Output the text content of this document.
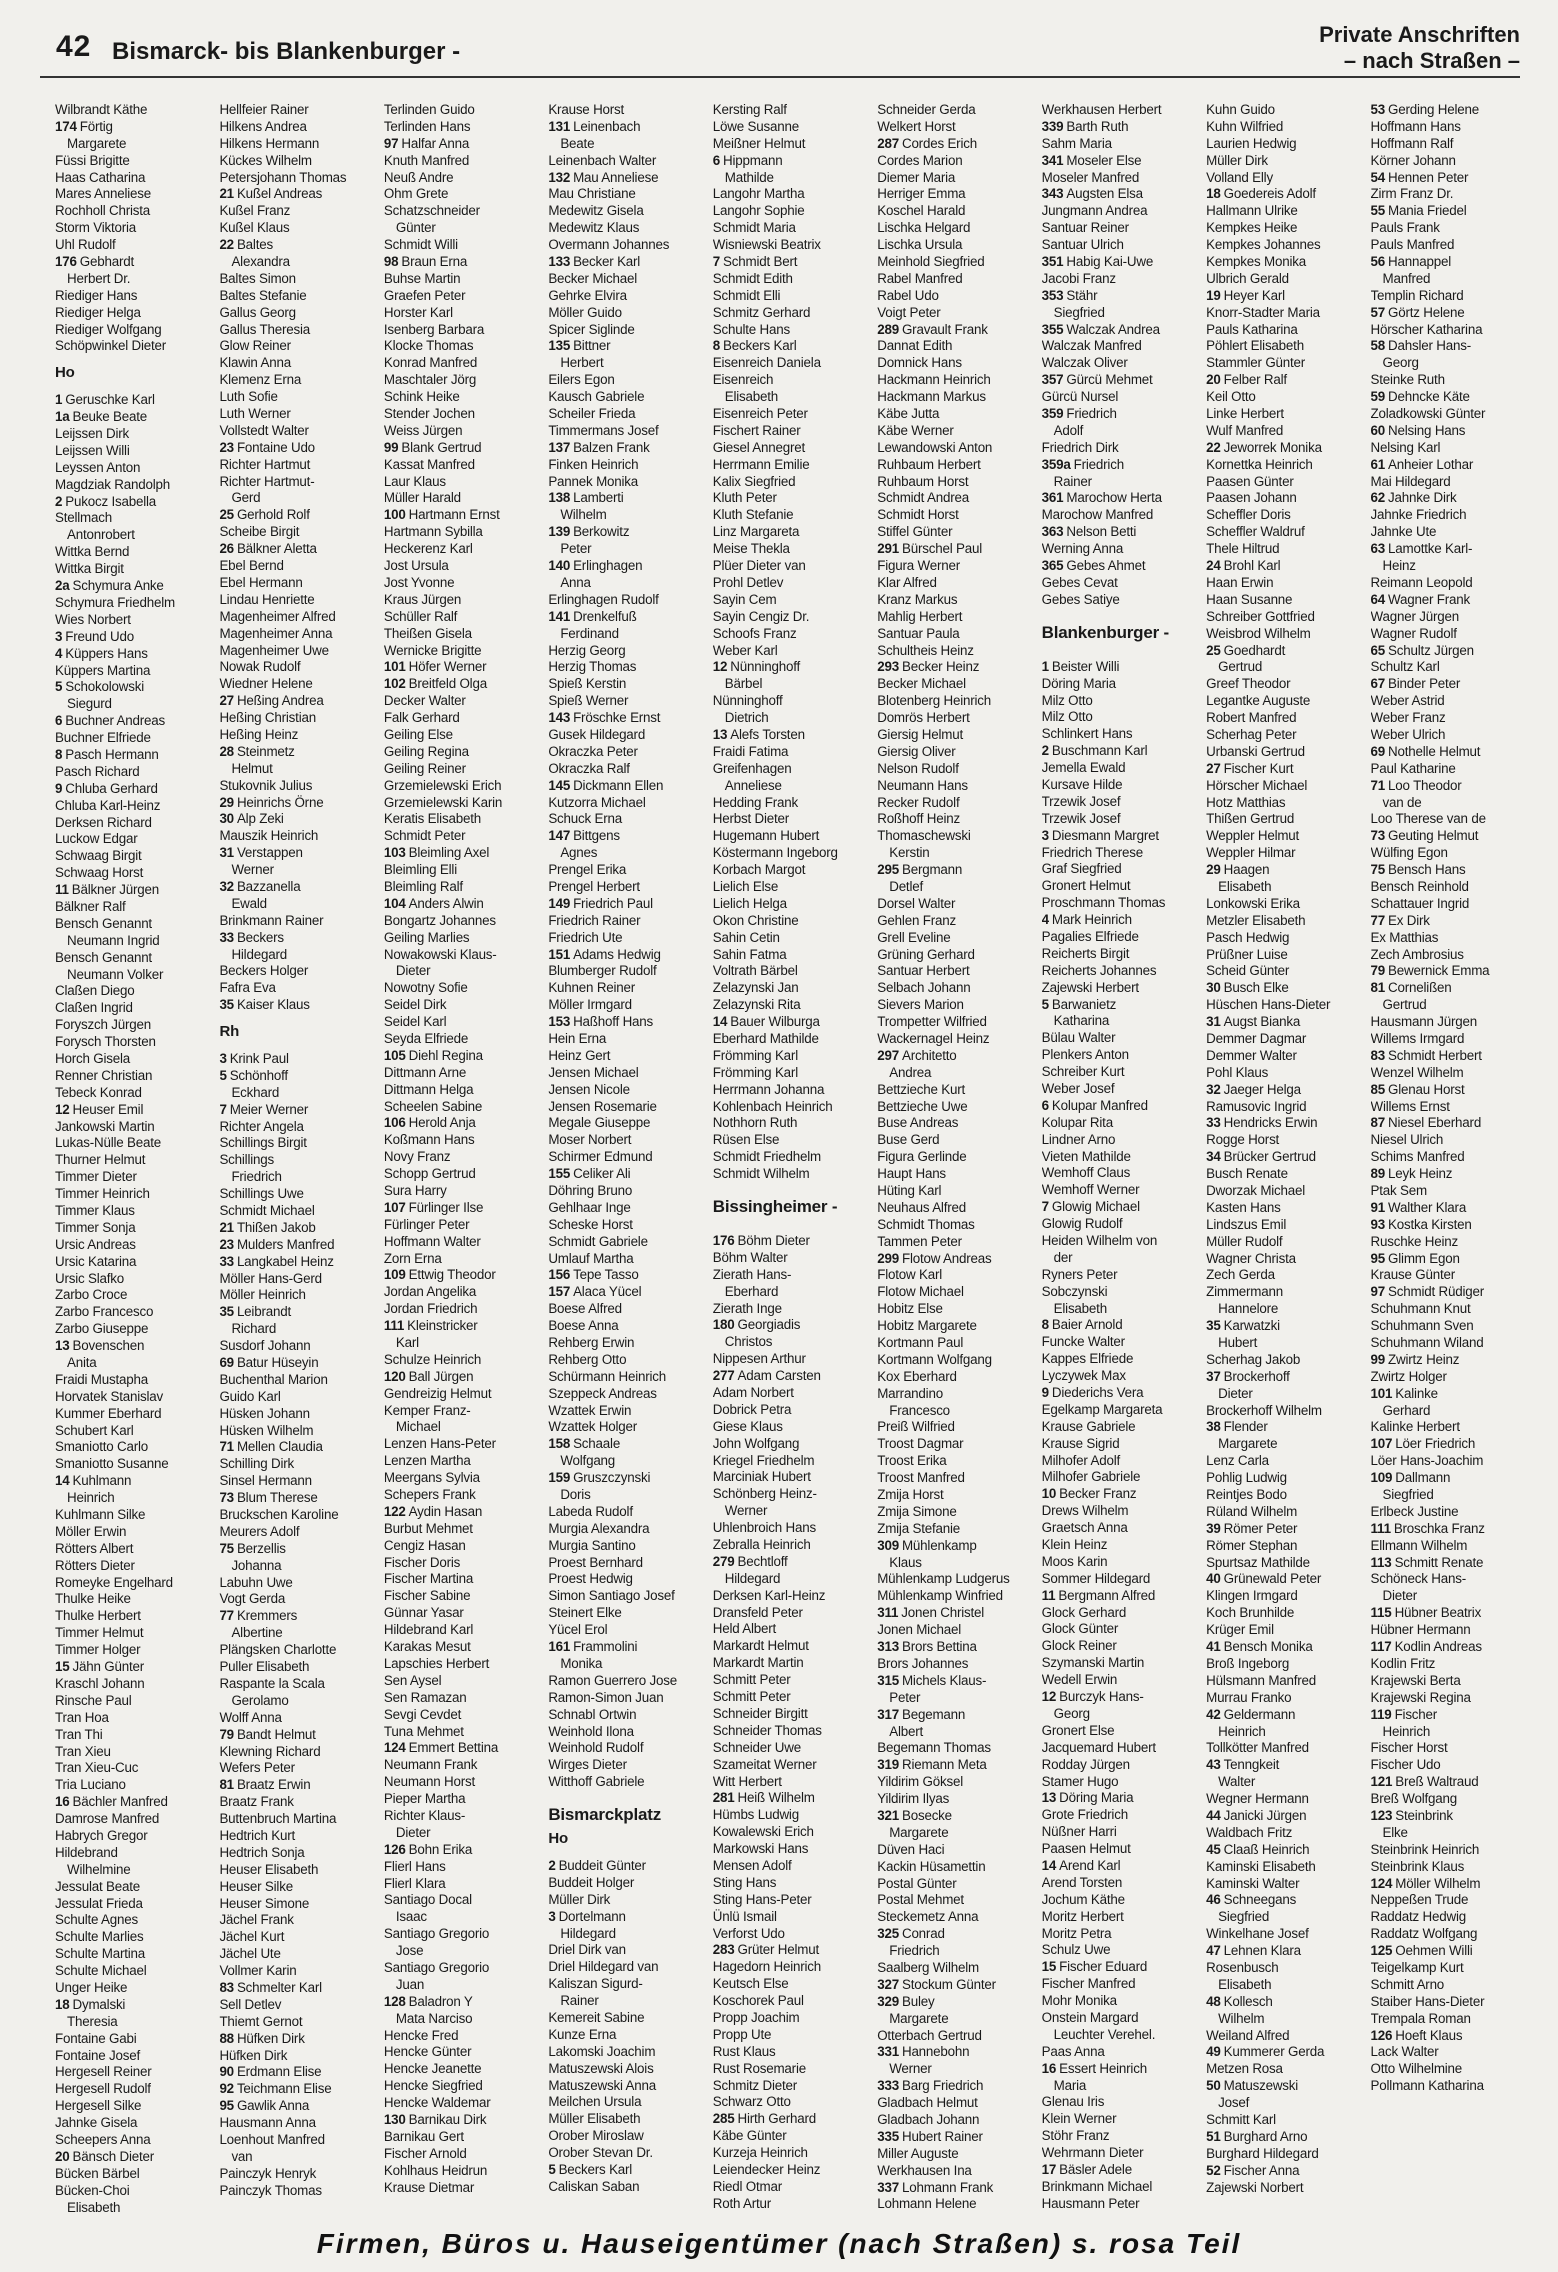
42 Bismarck- bis Blankenburger -
Private Anschriften
– nach Straßen –
Wilbrandt Käthe
174 Förtig
Margarete
Füssi Brigitte
Haas Catharina
Mares Anneliese
Rochholl Christa
Storm Viktoria
Uhl Rudolf
176 Gebhardt
Herbert Dr.
Riediger Hans
Riediger Helga
Riediger Wolfgang
Schöpwinkel Dieter
Ho
1 Geruschke Karl
1a Beuke Beate
Leijssen Dirk
Leijssen Willi
Leyssen Anton
Magdziak Randolph
2 Pukocz Isabella
Stellmach
Antonrobert
Wittka Bernd
Wittka Birgit
2a Schymura Anke
Schymura Friedhelm
Wies Norbert
3 Freund Udo
4 Küppers Hans
Küppers Martina
5 Schokolowski
Siegurd
6 Buchner Andreas
Buchner Elfriede
8 Pasch Hermann
Pasch Richard
9 Chluba Gerhard
Chluba Karl-Heinz
Derksen Richard
Luckow Edgar
Schwaag Birgit
Schwaag Horst
11 Bälkner Jürgen
Bälkner Ralf
Bensch Genannt
Neumann Ingrid
Bensch Genannt
Neumann Volker
Claßen Diego
Claßen Ingrid
Foryszch Jürgen
Forysch Thorsten
Horch Gisela
Renner Christian
Tebeck Konrad
12 Heuser Emil
Jankowski Martin
Lukas-Nülle Beate
Thurner Helmut
Timmer Dieter
Timmer Heinrich
Timmer Klaus
Timmer Sonja
Ursic Andreas
Ursic Katarina
Ursic Slafko
Zarbo Croce
Zarbo Francesco
Zarbo Giuseppe
13 Bovenschen
Anita
Fraidi Mustapha
Horvatek Stanislav
Kummer Eberhard
Schubert Karl
Smaniotto Carlo
Smaniotto Susanne
14 Kuhlmann
Heinrich
Kuhlmann Silke
Möller Erwin
Rötters Albert
Rötters Dieter
Romeyke Engelhard
Thulke Heike
Thulke Herbert
Timmer Helmut
Timmer Holger
15 Jähn Günter
Kraschl Johann
Rinsche Paul
Tran Hoa
Tran Thi
Tran Xieu
Tran Xieu-Cuc
Tria Luciano
16 Bächler Manfred
Damrose Manfred
Habrych Gregor
Hildebrand
Wilhelmine
Jessulat Beate
Jessulat Frieda
Schulte Agnes
Schulte Marlies
Schulte Martina
Schulte Michael
Unger Heike
18 Dymalski
Theresia
Fontaine Gabi
Fontaine Josef
Hergesell Reiner
Hergesell Rudolf
Hergesell Silke
Jahnke Gisela
Scheepers Anna
20 Bänsch Dieter
Bücken Bärbel
Bücken-Choi
Elisabeth
Hellfeier Rainer
Hilkens Andrea
Hilkens Hermann
Kückes Wilhelm
Petersjohann Thomas
21 Kußel Andreas
Kußel Franz
Kußel Klaus
22 Baltes
Alexandra
Baltes Simon
Baltes Stefanie
Gallus Georg
Gallus Theresia
Glow Reiner
Klawin Anna
Klemenz Erna
Luth Sofie
Luth Werner
Vollstedt Walter
23 Fontaine Udo
Richter Hartmut
Richter Hartmut-
Gerd
25 Gerhold Rolf
Scheibe Birgit
26 Bälkner Aletta
Ebel Bernd
Ebel Hermann
Lindau Henriette
Magenheimer Alfred
Magenheimer Anna
Magenheimer Uwe
Nowak Rudolf
Wiedner Helene
27 Heßing Andrea
Heßing Christian
Heßing Heinz
28 Steinmetz
Helmut
Stukovnik Julius
29 Heinrichs Örne
30 Alp Zeki
Mauszik Heinrich
31 Verstappen
Werner
32 Bazzanella
Ewald
Brinkmann Rainer
33 Beckers
Hildegard
Beckers Holger
Fafra Eva
35 Kaiser Klaus
Rh
3 Krink Paul
5 Schönhoff
Eckhard
7 Meier Werner
Richter Angela
Schillings Birgit
Schillings
Friedrich
Schillings Uwe
Schmidt Michael
21 Thißen Jakob
23 Mulders Manfred
33 Langkabel Heinz
Möller Hans-Gerd
Möller Heinrich
35 Leibrandt
Richard
Susdorf Johann
69 Batur Hüseyin
Buchenthal Marion
Guido Karl
Hüsken Johann
Hüsken Wilhelm
71 Mellen Claudia
Schilling Dirk
Sinsel Hermann
73 Blum Therese
Bruckschen Karoline
Meurers Adolf
75 Berzellis
Johanna
Labuhn Uwe
Vogt Gerda
77 Kremmers
Albertine
Plängsken Charlotte
Puller Elisabeth
Raspante la Scala
Gerolamo
Wolff Anna
79 Bandt Helmut
Klewning Richard
Wefers Peter
81 Braatz Erwin
Braatz Frank
Buttenbruch Martina
Hedtrich Kurt
Hedtrich Sonja
Heuser Elisabeth
Heuser Silke
Heuser Simone
Jächel Frank
Jächel Kurt
Jächel Ute
Vollmer Karin
83 Schmelter Karl
Sell Detlev
Thiemt Gernot
88 Hüfken Dirk
Hüfken Dirk
90 Erdmann Elise
92 Teichmann Elise
95 Gawlik Anna
Hausmann Anna
Loenhout Manfred
van
Painczyk Henryk
Painczyk Thomas
Terlinden Guido
Terlinden Hans
97 Halfar Anna
Knuth Manfred
Neuß Andre
Ohm Grete
Schatzschneider
Günter
Schmidt Willi
98 Braun Erna
Buhse Martin
Graefen Peter
Horster Karl
Isenberg Barbara
Klocke Thomas
Konrad Manfred
Maschtaler Jörg
Schink Heike
Stender Jochen
Weiss Jürgen
99 Blank Gertrud
Kassat Manfred
Laur Klaus
Müller Harald
100 Hartmann Ernst
Hartmann Sybilla
Heckerenz Karl
Jost Ursula
Jost Yvonne
Kraus Jürgen
Schüller Ralf
Theißen Gisela
Wernicke Brigitte
101 Höfer Werner
102 Breitfeld Olga
Decker Walter
Falk Gerhard
Geiling Else
Geiling Regina
Geiling Reiner
Grzemielewski Erich
Grzemielewski Karin
Keratis Elisabeth
Schmidt Peter
103 Bleimling Axel
Bleimling Elli
Bleimling Ralf
104 Anders Alwin
Bongartz Johannes
Geiling Marlies
Nowakowski Klaus-
Dieter
Nowotny Sofie
Seidel Dirk
Seidel Karl
Seyda Elfriede
105 Diehl Regina
Dittmann Arne
Dittmann Helga
Scheelen Sabine
106 Herold Anja
Koßmann Hans
Novy Franz
Schopp Gertrud
Sura Harry
107 Fürlinger Ilse
Fürlinger Peter
Hoffmann Walter
Zorn Erna
109 Ettwig Theodor
Jordan Angelika
Jordan Friedrich
111 Kleinstricker
Karl
Schulze Heinrich
120 Ball Jürgen
Gendreizig Helmut
Kemper Franz-
Michael
Lenzen Hans-Peter
Lenzen Martha
Meergans Sylvia
Schepers Frank
122 Aydin Hasan
Burbut Mehmet
Cengiz Hasan
Fischer Doris
Fischer Martina
Fischer Sabine
Günnar Yasar
Hildebrand Karl
Karakas Mesut
Lapschies Herbert
Sen Aysel
Sen Ramazan
Sevgi Cevdet
Tuna Mehmet
124 Emmert Bettina
Neumann Frank
Neumann Horst
Pieper Martha
Richter Klaus-
Dieter
126 Bohn Erika
Flierl Hans
Flierl Klara
Santiago Docal
Isaac
Santiago Gregorio
Jose
Santiago Gregorio
Juan
128 Baladron Y
Mata Narciso
Hencke Fred
Hencke Günter
Hencke Jeanette
Hencke Siegfried
Hencke Waldemar
130 Barnikau Dirk
Barnikau Gert
Fischer Arnold
Kohlhaus Heidrun
Krause Dietmar
Krause Horst
131 Leinenbach
Beate
Leinenbach Walter
132 Mau Anneliese
Mau Christiane
Medewitz Gisela
Medewitz Klaus
Overmann Johannes
133 Becker Karl
Becker Michael
Gehrke Elvira
Möller Guido
Spicer Siglinde
135 Bittner
Herbert
Eilers Egon
Kausch Gabriele
Scheiler Frieda
Timmermans Josef
137 Balzen Frank
Finken Heinrich
Pannek Monika
138 Lamberti
Wilhelm
139 Berkowitz
Peter
140 Erlinghagen
Anna
Erlinghagen Rudolf
141 Drenkelfuß
Ferdinand
Herzig Georg
Herzig Thomas
Spieß Kerstin
Spieß Werner
143 Fröschke Ernst
Gusek Hildegard
Okraczka Peter
Okraczka Ralf
145 Dickmann Ellen
Kutzorra Michael
Schuck Erna
147 Bittgens
Agnes
Prengel Erika
Prengel Herbert
149 Friedrich Paul
Friedrich Rainer
Friedrich Ute
151 Adams Hedwig
Blumberger Rudolf
Kuhnen Reiner
Möller Irmgard
153 Haßhoff Hans
Hein Erna
Heinz Gert
Jensen Michael
Jensen Nicole
Jensen Rosemarie
Megale Giuseppe
Moser Norbert
Schirmer Edmund
155 Celiker Ali
Döhring Bruno
Gehlhaar Inge
Scheske Horst
Schmidt Gabriele
Umlauf Martha
156 Tepe Tasso
157 Alaca Yücel
Boese Alfred
Boese Anna
Rehberg Erwin
Rehberg Otto
Schürmann Heinrich
Szeppeck Andreas
Wzattek Erwin
Wzattek Holger
158 Schaale
Wolfgang
159 Gruszczynski
Doris
Labeda Rudolf
Murgia Alexandra
Murgia Santino
Proest Bernhard
Proest Hedwig
Simon Santiago Josef
Steinert Elke
Yücel Erol
161 Frammolini
Monika
Ramon Guerrero Jose
Ramon-Simon Juan
Schnabl Ortwin
Weinhold Ilona
Weinhold Rudolf
Wirges Dieter
Witthoff Gabriele
Bismarckplatz
Ho
2 Buddeit Günter
Buddeit Holger
Müller Dirk
3 Dortelmann
Hildegard
Driel Dirk van
Driel Hildegard van
Kaliszan Sigurd-
Rainer
Kemereit Sabine
Kunze Erna
Lakomski Joachim
Matuszewski Alois
Matuszewski Anna
Meilchen Ursula
Müller Elisabeth
Orober Miroslaw
Orober Stevan Dr.
5 Beckers Karl
Caliskan Saban
Kersting Ralf
Löwe Susanne
Meißner Helmut
6 Hippmann
Mathilde
Langohr Martha
Langohr Sophie
Schmidt Maria
Wisniewski Beatrix
7 Schmidt Bert
Schmidt Edith
Schmidt Elli
Schmitz Gerhard
Schulte Hans
8 Beckers Karl
Eisenreich Daniela
Eisenreich
Elisabeth
Eisenreich Peter
Fischert Rainer
Giesel Annegret
Herrmann Emilie
Kalix Siegfried
Kluth Peter
Kluth Stefanie
Linz Margareta
Meise Thekla
Plüer Dieter van
Prohl Detlev
Sayin Cem
Sayin Cengiz Dr.
Schoofs Franz
Weber Karl
12 Nünninghoff
Bärbel
Nünninghoff
Dietrich
13 Alefs Torsten
Fraidi Fatima
Greifenhagen
Anneliese
Hedding Frank
Herbst Dieter
Hugemann Hubert
Köstermann Ingeborg
Korbach Margot
Lielich Else
Lielich Helga
Okon Christine
Sahin Cetin
Sahin Fatma
Voltrath Bärbel
Zelazynski Jan
Zelazynski Rita
14 Bauer Wilburga
Eberhard Mathilde
Frömming Karl
Frömming Karl
Herrmann Johanna
Kohlenbach Heinrich
Nothhorn Ruth
Rüsen Else
Schmidt Friedhelm
Schmidt Wilhelm
Bissingheimer -
176 Böhm Dieter
Böhm Walter
Zierath Hans-
Eberhard
Zierath Inge
180 Georgiadis
Christos
Nippesen Arthur
277 Adam Carsten
Adam Norbert
Dobrick Petra
Giese Klaus
John Wolfgang
Kriegel Friedhelm
Marciniak Hubert
Schönberg Heinz-
Werner
Uhlenbroich Hans
Zebralla Heinrich
279 Bechtloff
Hildegard
Derksen Karl-Heinz
Dransfeld Peter
Held Albert
Markardt Helmut
Markardt Martin
Schmitt Peter
Schmitt Peter
Schneider Birgitt
Schneider Thomas
Schneider Uwe
Szameitat Werner
Witt Herbert
281 Heiß Wilhelm
Hümbs Ludwig
Kowalewski Erich
Markowski Hans
Mensen Adolf
Sting Hans
Sting Hans-Peter
Ünlü Ismail
Verforst Udo
283 Grüter Helmut
Hagedorn Heinrich
Keutsch Else
Koschorek Paul
Propp Joachim
Propp Ute
Rust Klaus
Rust Rosemarie
Schmitz Dieter
Schwarz Otto
285 Hirth Gerhard
Käbe Günter
Kurzeja Heinrich
Leiendecker Heinz
Riedl Otmar
Roth Artur
Schneider Gerda
Welkert Horst
287 Cordes Erich
Cordes Marion
Diemer Maria
Herriger Emma
Koschel Harald
Lischka Helgard
Lischka Ursula
Meinhold Siegfried
Rabel Manfred
Rabel Udo
Voigt Peter
289 Gravault Frank
Dannat Edith
Domnick Hans
Hackmann Heinrich
Hackmann Markus
Käbe Jutta
Käbe Werner
Lewandowski Anton
Ruhbaum Herbert
Ruhbaum Horst
Schmidt Andrea
Schmidt Horst
Stiffel Günter
291 Bürschel Paul
Figura Werner
Klar Alfred
Kranz Markus
Mahlig Herbert
Santuar Paula
Schultheis Heinz
293 Becker Heinz
Becker Michael
Blotenberg Heinrich
Domrös Herbert
Giersig Helmut
Giersig Oliver
Nelson Rudolf
Neumann Hans
Recker Rudolf
Roßhoff Heinz
Thomaschewski
Kerstin
295 Bergmann
Detlef
Dorsel Walter
Gehlen Franz
Grell Eveline
Grüning Gerhard
Santuar Herbert
Selbach Johann
Sievers Marion
Trompetter Wilfried
Wackernagel Heinz
297 Architetto
Andrea
Bettzieche Kurt
Bettzieche Uwe
Buse Andreas
Buse Gerd
Figura Gerlinde
Haupt Hans
Hüting Karl
Neuhaus Alfred
Schmidt Thomas
Tammen Peter
299 Flotow Andreas
Flotow Karl
Flotow Michael
Hobitz Else
Hobitz Margarete
Kortmann Paul
Kortmann Wolfgang
Kox Eberhard
Marrandino
Francesco
Preiß Wilfried
Troost Dagmar
Troost Erika
Troost Manfred
Zmija Horst
Zmija Simone
Zmija Stefanie
309 Mühlenkamp
Klaus
Mühlenkamp Ludgerus
Mühlenkamp Winfried
311 Jonen Christel
Jonen Michael
313 Brors Bettina
Brors Johannes
315 Michels Klaus-
Peter
317 Begemann
Albert
Begemann Thomas
319 Riemann Meta
Yildirim Göksel
Yildirim Ilyas
321 Bosecke
Margarete
Düven Haci
Kackin Hüsamettin
Postal Günter
Postal Mehmet
Steckemetz Anna
325 Conrad
Friedrich
Saalberg Wilhelm
327 Stockum Günter
329 Buley
Margarete
Otterbach Gertrud
331 Hannebohn
Werner
333 Barg Friedrich
Gladbach Helmut
Gladbach Johann
335 Hubert Rainer
Miller Auguste
Werkhausen Ina
337 Lohmann Frank
Lohmann Helene
Werkhausen Herbert
339 Barth Ruth
Sahm Maria
341 Moseler Else
Moseler Manfred
343 Augsten Elsa
Jungmann Andrea
Santuar Reiner
Santuar Ulrich
351 Habig Kai-Uwe
Jacobi Franz
353 Stähr
Siegfried
355 Walczak Andrea
Walczak Manfred
Walczak Oliver
357 Gürcü Mehmet
Gürcü Nursel
359 Friedrich
Adolf
Friedrich Dirk
359a Friedrich
Rainer
361 Marochow Herta
Marochow Manfred
363 Nelson Betti
Werning Anna
365 Gebes Ahmet
Gebes Cevat
Gebes Satiye
Blankenburger -
1 Beister Willi
Döring Maria
Milz Otto
Milz Otto
Schlinkert Hans
2 Buschmann Karl
Jemella Ewald
Kursave Hilde
Trzewik Josef
Trzewik Josef
3 Diesmann Margret
Friedrich Therese
Graf Siegfried
Gronert Helmut
Proschmann Thomas
4 Mark Heinrich
Pagalies Elfriede
Reicherts Birgit
Reicherts Johannes
Zajewski Herbert
5 Barwanietz
Katharina
Bülau Walter
Plenkers Anton
Schreiber Kurt
Weber Josef
6 Kolupar Manfred
Kolupar Rita
Lindner Arno
Vieten Mathilde
Wemhoff Claus
Wemhoff Werner
7 Glowig Michael
Glowig Rudolf
Heiden Wilhelm von
der
Ryners Peter
Sobczynski
Elisabeth
8 Baier Arnold
Funcke Walter
Kappes Elfriede
Lyczywek Max
9 Diederichs Vera
Egelkamp Margareta
Krause Gabriele
Krause Sigrid
Milhofer Adolf
Milhofer Gabriele
10 Becker Franz
Drews Wilhelm
Graetsch Anna
Klein Heinz
Moos Karin
Sommer Hildegard
11 Bergmann Alfred
Glock Gerhard
Glock Günter
Glock Reiner
Szymanski Martin
Wedell Erwin
12 Burczyk Hans-
Georg
Gronert Else
Jacquemard Hubert
Rodday Jürgen
Stamer Hugo
13 Döring Maria
Grote Friedrich
Nüßner Harri
Paasen Helmut
14 Arend Karl
Arend Torsten
Jochum Käthe
Moritz Herbert
Moritz Petra
Schulz Uwe
15 Fischer Eduard
Fischer Manfred
Mohr Monika
Onstein Margard
Leuchter Verehel.
Paas Anna
16 Essert Heinrich
Maria
Glenau Iris
Klein Werner
Stöhr Franz
Wehrmann Dieter
17 Bäsler Adele
Brinkmann Michael
Hausmann Peter
Kuhn Guido
Kuhn Wilfried
Laurien Hedwig
Müller Dirk
Volland Elly
18 Goedereis Adolf
Hallmann Ulrike
Kempkes Heike
Kempkes Johannes
Kempkes Monika
Ulbrich Gerald
19 Heyer Karl
Knorr-Stadter Maria
Pauls Katharina
Pöhlert Elisabeth
Stammler Günter
20 Felber Ralf
Keil Otto
Linke Herbert
Wulf Manfred
22 Jeworrek Monika
Kornettka Heinrich
Paasen Günter
Paasen Johann
Scheffler Doris
Scheffler Waldruf
Thele Hiltrud
24 Brohl Karl
Haan Erwin
Haan Susanne
Schreiber Gottfried
Weisbrod Wilhelm
25 Goedhardt
Gertrud
Greef Theodor
Legantke Auguste
Robert Manfred
Scherhag Peter
Urbanski Gertrud
27 Fischer Kurt
Hörscher Michael
Hotz Matthias
Thißen Gertrud
Weppler Helmut
Weppler Hilmar
29 Haagen
Elisabeth
Lonkowski Erika
Metzler Elisabeth
Pasch Hedwig
Prüßner Luise
Scheid Günter
30 Busch Elke
Hüschen Hans-Dieter
31 Augst Bianka
Demmer Dagmar
Demmer Walter
Pohl Klaus
32 Jaeger Helga
Ramusovic Ingrid
33 Hendricks Erwin
Rogge Horst
34 Brücker Gertrud
Busch Renate
Dworzak Michael
Kasten Hans
Lindszus Emil
Müller Rudolf
Wagner Christa
Zech Gerda
Zimmermann
Hannelore
35 Karwatzki
Hubert
Scherhag Jakob
37 Brockerhoff
Dieter
Brockerhoff Wilhelm
38 Flender
Margarete
Lenz Carla
Pohlig Ludwig
Reintjes Bodo
Rüland Wilhelm
39 Römer Peter
Römer Stephan
Spurtsaz Mathilde
40 Grünewald Peter
Klingen Irmgard
Koch Brunhilde
Krüger Emil
41 Bensch Monika
Broß Ingeborg
Hülsmann Manfred
Murrau Franko
42 Geldermann
Heinrich
Tollkötter Manfred
43 Tenngkeit
Walter
Wegner Hermann
44 Janicki Jürgen
Waldbach Fritz
45 Claaß Heinrich
Kaminski Elisabeth
Kaminski Walter
46 Schneegans
Siegfried
Winkelhane Josef
47 Lehnen Klara
Rosenbusch
Elisabeth
48 Kollesch
Wilhelm
Weiland Alfred
49 Kummerer Gerda
Metzen Rosa
50 Matuszewski
Josef
Schmitt Karl
51 Burghard Arno
Burghard Hildegard
52 Fischer Anna
Zajewski Norbert
53 Gerding Helene
Hoffmann Hans
Hoffmann Ralf
Körner Johann
54 Hennen Peter
Zirm Franz Dr.
55 Mania Friedel
Pauls Frank
Pauls Manfred
56 Hannappel
Manfred
Templin Richard
57 Görtz Helene
Hörscher Katharina
58 Dahsler Hans-
Georg
Steinke Ruth
59 Dehncke Käte
Zoladkowski Günter
60 Nelsing Hans
Nelsing Karl
61 Anheier Lothar
Mai Hildegard
62 Jahnke Dirk
Jahnke Friedrich
Jahnke Ute
63 Lamottke Karl-
Heinz
Reimann Leopold
64 Wagner Frank
Wagner Jürgen
Wagner Rudolf
65 Schultz Jürgen
Schultz Karl
67 Binder Peter
Weber Astrid
Weber Franz
Weber Ulrich
69 Nothelle Helmut
Paul Katharine
71 Loo Theodor
van de
Loo Therese van de
73 Geuting Helmut
Wülfing Egon
75 Bensch Hans
Bensch Reinhold
Schattauer Ingrid
77 Ex Dirk
Ex Matthias
Zech Ambrosius
79 Bewernick Emma
81 Cornelißen
Gertrud
Hausmann Jürgen
Willems Irmgard
83 Schmidt Herbert
Wenzel Wilhelm
85 Glenau Horst
Willems Ernst
87 Niesel Eberhard
Niesel Ulrich
Schims Manfred
89 Leyk Heinz
Ptak Sem
91 Walther Klara
93 Kostka Kirsten
Ruschke Heinz
95 Glimm Egon
Krause Günter
97 Schmidt Rüdiger
Schuhmann Knut
Schuhmann Sven
Schuhmann Wiland
99 Zwirtz Heinz
Zwirtz Holger
101 Kalinke
Gerhard
Kalinke Herbert
107 Löer Friedrich
Löer Hans-Joachim
109 Dallmann
Siegfried
Erlbeck Justine
111 Broschka Franz
Ellmann Wilhelm
113 Schmitt Renate
Schöneck Hans-
Dieter
115 Hübner Beatrix
Hübner Hermann
117 Kodlin Andreas
Kodlin Fritz
Krajewski Berta
Krajewski Regina
119 Fischer
Heinrich
Fischer Horst
Fischer Udo
121 Breß Waltraud
Breß Wolfgang
123 Steinbrink
Elke
Steinbrink Heinrich
Steinbrink Klaus
124 Möller Wilhelm
Neppeßen Trude
Raddatz Hedwig
Raddatz Wolfgang
125 Oehmen Willi
Teigelkamp Kurt
Schmitt Arno
Staiber Hans-Dieter
Trempala Roman
126 Hoeft Klaus
Lack Walter
Otto Wilhelmine
Pollmann Katharina
Firmen, Büros u. Hauseigentümer (nach Straßen) s. rosa Teil
